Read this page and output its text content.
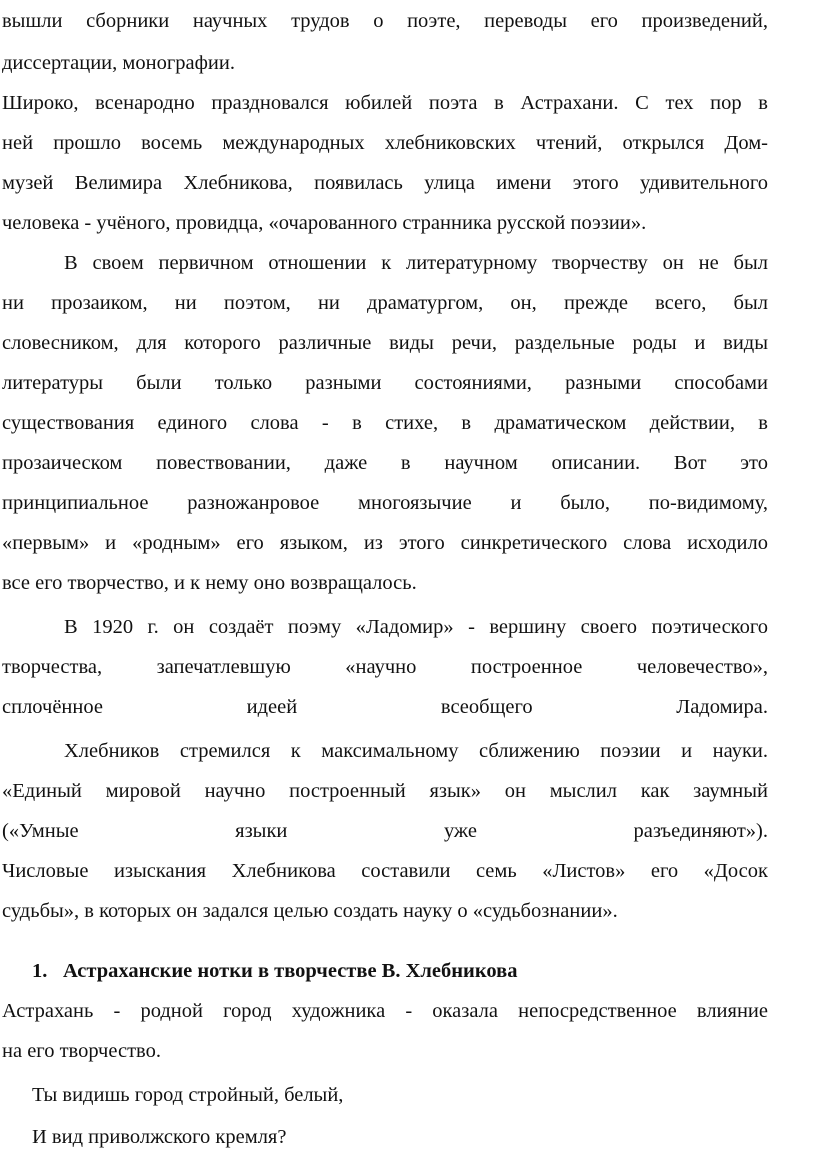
вышли сборники научных трудов о поэте, переводы его произведений,
диссертации, монографии.
Широко, всенародно праздновался юбилей поэта в Астрахани. С тех пор в
ней прошло восемь международных хлебниковских чтений, открылся Дом-
музей Велимира Хлебникова, появилась улица имени этого удивительного
человека - учёного, провидца, «очарованного странника русской поэзии».
В своем первичном отношении к литературному творчеству он не был
ни прозаиком, ни поэтом, ни драматургом, он, прежде всего, был
словесником, для которого различные виды речи, раздельные роды и виды
литературы были только разными состояниями, разными способами
существования единого слова - в стихе, в драматическом действии, в
прозаическом повествовании, даже в научном описании. Вот это
принципиальное разножанровое многоязычие и было, по-видимому,
«первым» и «родным» его языком, из этого синкретического слова исходило
все его творчество, и к нему оно возвращалось.
В 1920 г. он создаёт поэму «Ладомир» - вершину своего поэтического
творчества, запечатлевшую «научно построенное человечество»,
сплочённое идеей всеобщего Ладомира.
Хлебников стремился к максимальному сближению поэзии и науки.
«Единый мировой научно построенный язык» он мыслил как заумный
(«Умные языки уже разъединяют»).
Числовые изыскания Хлебникова составили семь «Листов» его «Досок
судьбы», в которых он задался целью создать науку о «судьбознании».
1. Астраханские нотки в творчестве В. Хлебникова
Астрахань - родной город художника - оказала непосредственное влияние
на его творчество.
Ты видишь город стройный, белый,
И вид приволжского кремля?
